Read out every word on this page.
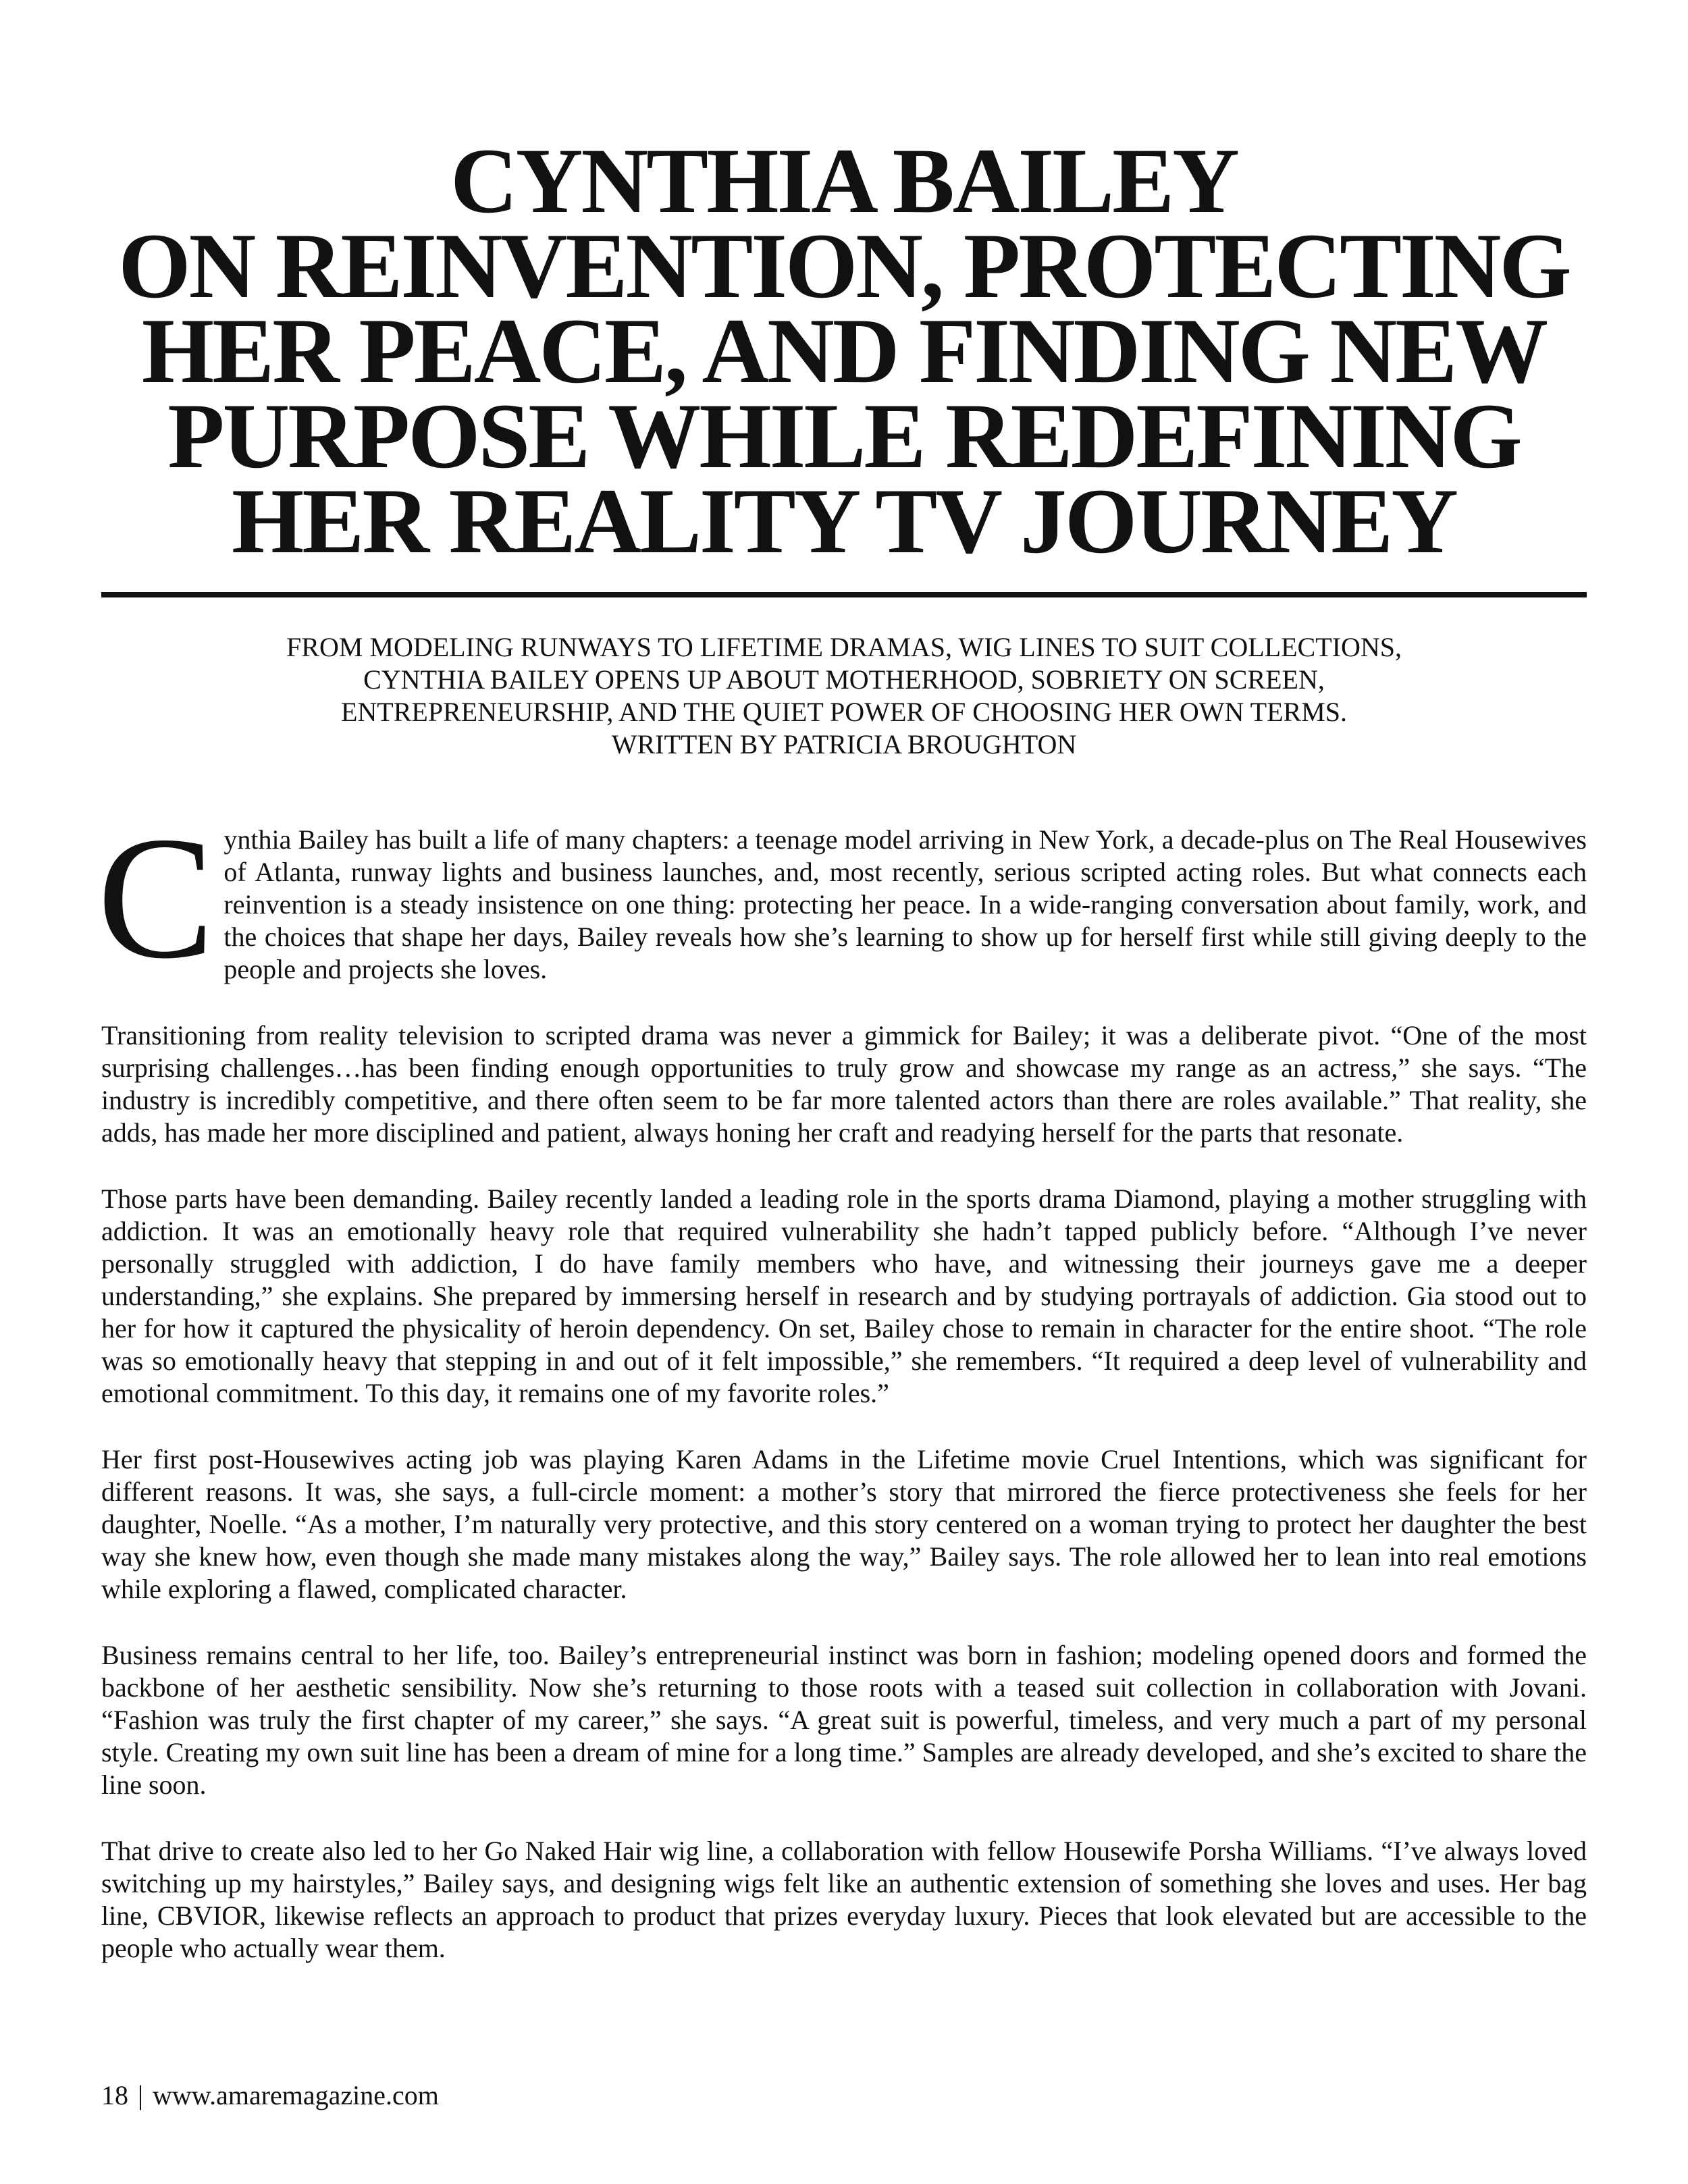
CYNTHIA BAILEY
ON REINVENTION, PROTECTING
HER PEACE, AND FINDING NEW
PURPOSE WHILE REDEFINING
HER REALITY TV JOURNEY
FROM MODELING RUNWAYS TO LIFETIME DRAMAS, WIG LINES TO SUIT COLLECTIONS,
CYNTHIA BAILEY OPENS UP ABOUT MOTHERHOOD, SOBRIETY ON SCREEN,
ENTREPRENEURSHIP, AND THE QUIET POWER OF CHOOSING HER OWN TERMS.
WRITTEN BY PATRICIA BROUGHTON

Cynthia Bailey has built a life of many chapters: a teenage model arriving in New York, a decade-plus on The Real Housewives of Atlanta, runway lights and business launches, and, most recently, serious scripted acting roles. But what connects each reinvention is a steady insistence on one thing: protecting her peace. In a wide-ranging conversation about family, work, and the choices that shape her days, Bailey reveals how she’s learning to show up for herself first while still giving deeply to the people and projects she loves.

Transitioning from reality television to scripted drama was never a gimmick for Bailey; it was a deliberate pivot. “One of the most surprising challenges…has been finding enough opportunities to truly grow and showcase my range as an actress,” she says. “The industry is incredibly competitive, and there often seem to be far more talented actors than there are roles available.” That reality, she adds, has made her more disciplined and patient, always honing her craft and readying herself for the parts that resonate.

Those parts have been demanding. Bailey recently landed a leading role in the sports drama Diamond, playing a mother struggling with addiction. It was an emotionally heavy role that required vulnerability she hadn’t tapped publicly before. “Although I’ve never personally struggled with addiction, I do have family members who have, and witnessing their journeys gave me a deeper understanding,” she explains. She prepared by immersing herself in research and by studying portrayals of addiction. Gia stood out to her for how it captured the physicality of heroin dependency. On set, Bailey chose to remain in character for the entire shoot. “The role was so emotionally heavy that stepping in and out of it felt impossible,” she remembers. “It required a deep level of vulnerability and emotional commitment. To this day, it remains one of my favorite roles.”

Her first post-Housewives acting job was playing Karen Adams in the Lifetime movie Cruel Intentions, which was significant for different reasons. It was, she says, a full-circle moment: a mother’s story that mirrored the fierce protectiveness she feels for her daughter, Noelle. “As a mother, I’m naturally very protective, and this story centered on a woman trying to protect her daughter the best way she knew how, even though she made many mistakes along the way,” Bailey says. The role allowed her to lean into real emotions while exploring a flawed, complicated character.

Business remains central to her life, too. Bailey’s entrepreneurial instinct was born in fashion; modeling opened doors and formed the backbone of her aesthetic sensibility. Now she’s returning to those roots with a teased suit collection in collaboration with Jovani. “Fashion was truly the first chapter of my career,” she says. “A great suit is powerful, timeless, and very much a part of my personal style. Creating my own suit line has been a dream of mine for a long time.” Samples are already developed, and she’s excited to share the line soon.

That drive to create also led to her Go Naked Hair wig line, a collaboration with fellow Housewife Porsha Williams. “I’ve always loved switching up my hairstyles,” Bailey says, and designing wigs felt like an authentic extension of something she loves and uses. Her bag line, CBVIOR, likewise reflects an approach to product that prizes everyday luxury. Pieces that look elevated but are accessible to the people who actually wear them.

18 | www.amaremagazine.com
